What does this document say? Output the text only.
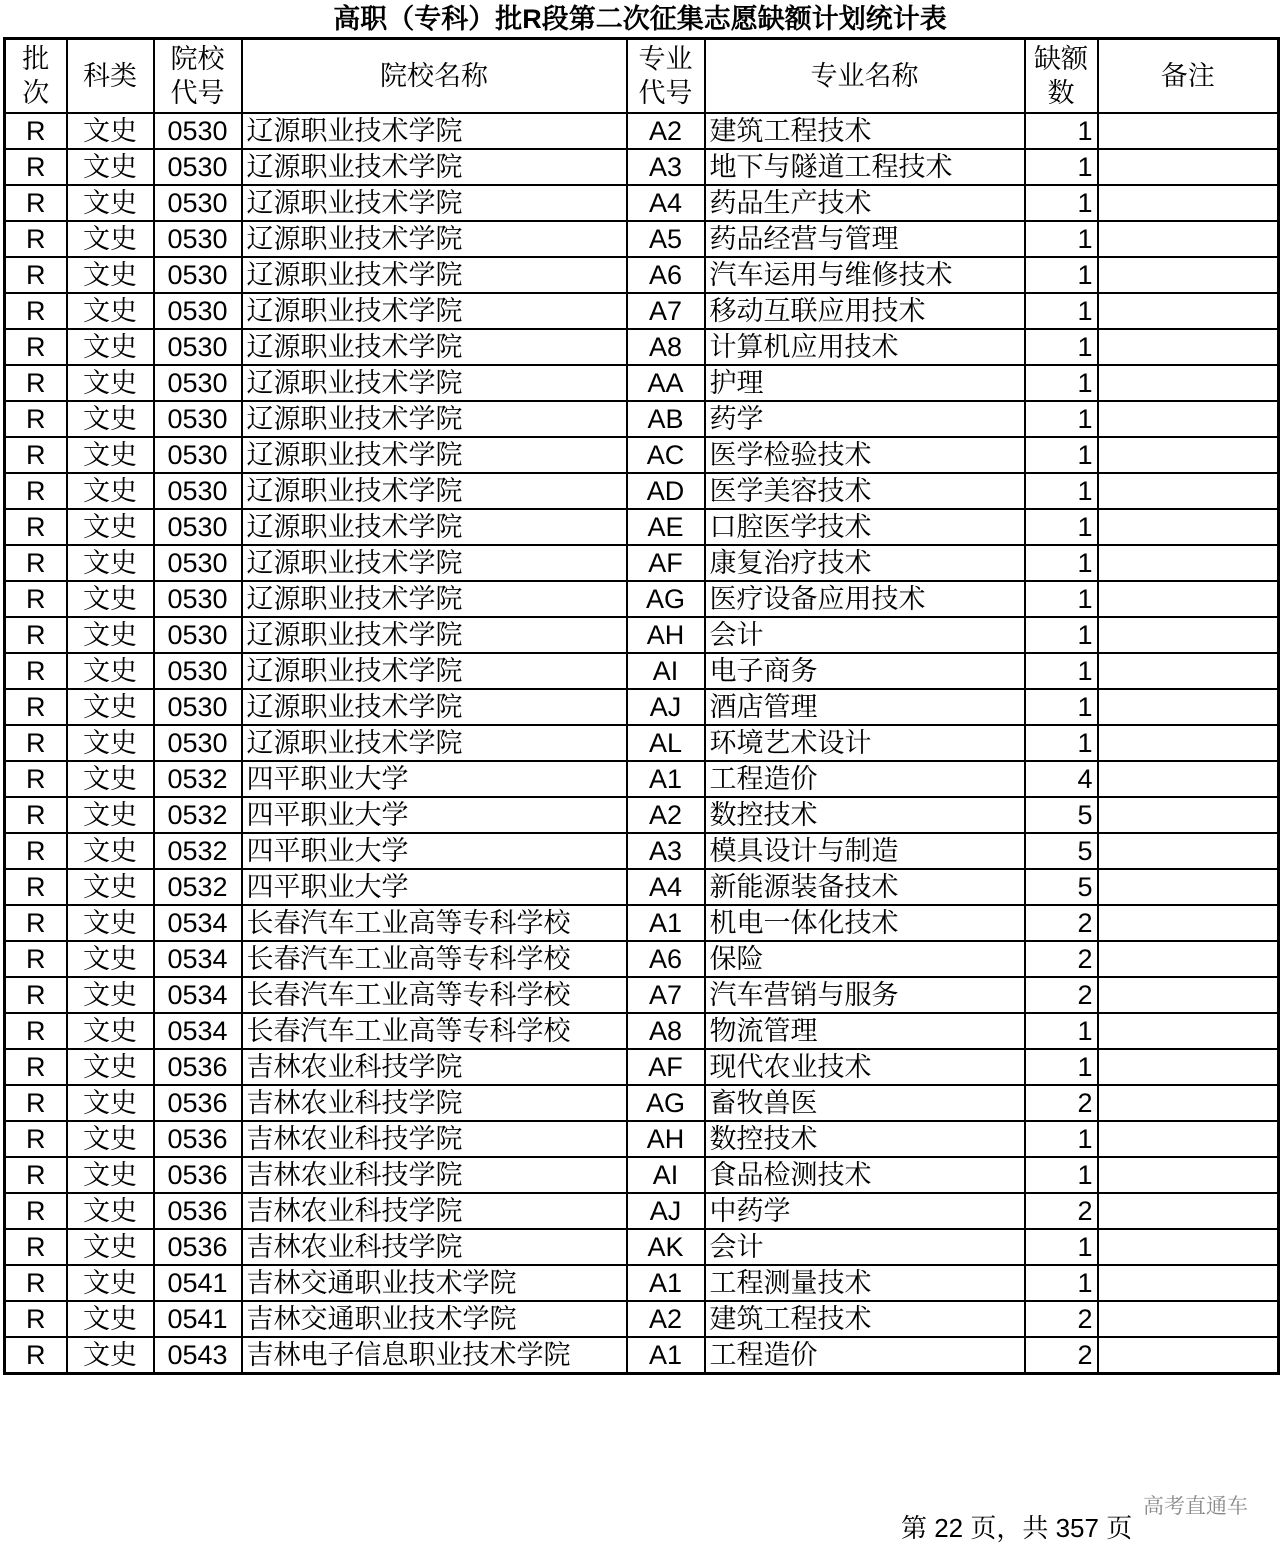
高职（专科）批R段第二次征集志愿缺额计划统计表
批次	科类	院校代号	院校名称	专业代号	专业名称	缺额数	备注
R	文史	0530	辽源职业技术学院	A2	建筑工程技术	1	
R	文史	0530	辽源职业技术学院	A3	地下与隧道工程技术	1	
R	文史	0530	辽源职业技术学院	A4	药品生产技术	1	
R	文史	0530	辽源职业技术学院	A5	药品经营与管理	1	
R	文史	0530	辽源职业技术学院	A6	汽车运用与维修技术	1	
R	文史	0530	辽源职业技术学院	A7	移动互联应用技术	1	
R	文史	0530	辽源职业技术学院	A8	计算机应用技术	1	
R	文史	0530	辽源职业技术学院	AA	护理	1	
R	文史	0530	辽源职业技术学院	AB	药学	1	
R	文史	0530	辽源职业技术学院	AC	医学检验技术	1	
R	文史	0530	辽源职业技术学院	AD	医学美容技术	1	
R	文史	0530	辽源职业技术学院	AE	口腔医学技术	1	
R	文史	0530	辽源职业技术学院	AF	康复治疗技术	1	
R	文史	0530	辽源职业技术学院	AG	医疗设备应用技术	1	
R	文史	0530	辽源职业技术学院	AH	会计	1	
R	文史	0530	辽源职业技术学院	AI	电子商务	1	
R	文史	0530	辽源职业技术学院	AJ	酒店管理	1	
R	文史	0530	辽源职业技术学院	AL	环境艺术设计	1	
R	文史	0532	四平职业大学	A1	工程造价	4	
R	文史	0532	四平职业大学	A2	数控技术	5	
R	文史	0532	四平职业大学	A3	模具设计与制造	5	
R	文史	0532	四平职业大学	A4	新能源装备技术	5	
R	文史	0534	长春汽车工业高等专科学校	A1	机电一体化技术	2	
R	文史	0534	长春汽车工业高等专科学校	A6	保险	2	
R	文史	0534	长春汽车工业高等专科学校	A7	汽车营销与服务	2	
R	文史	0534	长春汽车工业高等专科学校	A8	物流管理	1	
R	文史	0536	吉林农业科技学院	AF	现代农业技术	1	
R	文史	0536	吉林农业科技学院	AG	畜牧兽医	2	
R	文史	0536	吉林农业科技学院	AH	数控技术	1	
R	文史	0536	吉林农业科技学院	AI	食品检测技术	1	
R	文史	0536	吉林农业科技学院	AJ	中药学	2	
R	文史	0536	吉林农业科技学院	AK	会计	1	
R	文史	0541	吉林交通职业技术学院	A1	工程测量技术	1	
R	文史	0541	吉林交通职业技术学院	A2	建筑工程技术	2	
R	文史	0543	吉林电子信息职业技术学院	A1	工程造价	2	
高考直通车
第 22 页，共 357 页
